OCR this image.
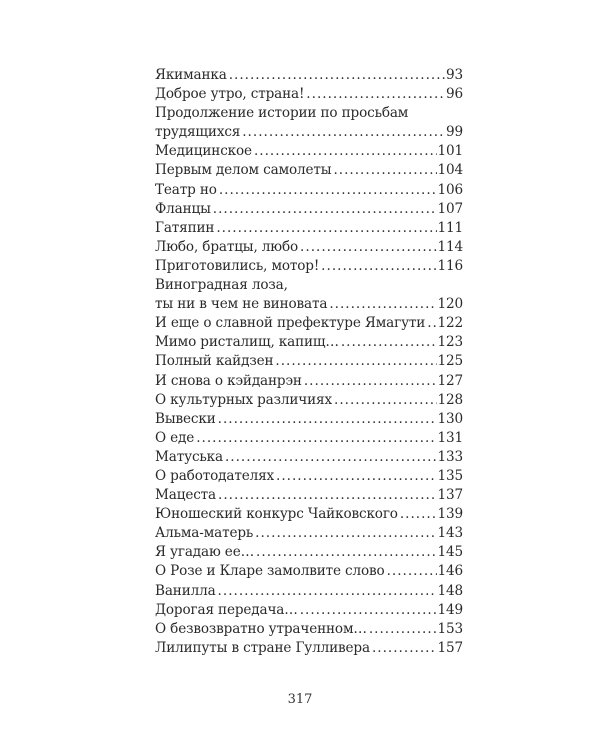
Якиманка .....	93
Доброе утро, страна! .....	96
Продолжение истории по просьбам
трудящихся .....	99
Медицинское .....	101
Первым делом самолеты .....	104
Театр но .....	106
Фланцы .....	107
Гатяпин .....	111
Любо, братцы, любо .....	114
Приготовились, мотор! .....	116
Виноградная лоза,
ты ни в чем не виновата .....	120
И еще о славной префектуре Ямагути ..... 122
Мимо ристалищ, капищ… .....	123
Полный кайдзен .....	125
И снова о кэйданрэн .....	127
О культурных различиях .....	128
Вывески .....	130
О еде .....	131
Матуська .....	133
О работодателях .....	135
Мацеста .....	137
Юношеский конкурс Чайковского .....	139
Альма-матерь .....	143
Я угадаю ее… .....	145
О Розе и Кларе замолвите слово .....	146
Ванилла .....	148
Дорогая передача… .....	149
О безвозвратно утраченном… .....	153
Лилипуты в стране Гулливера .....	157
317
